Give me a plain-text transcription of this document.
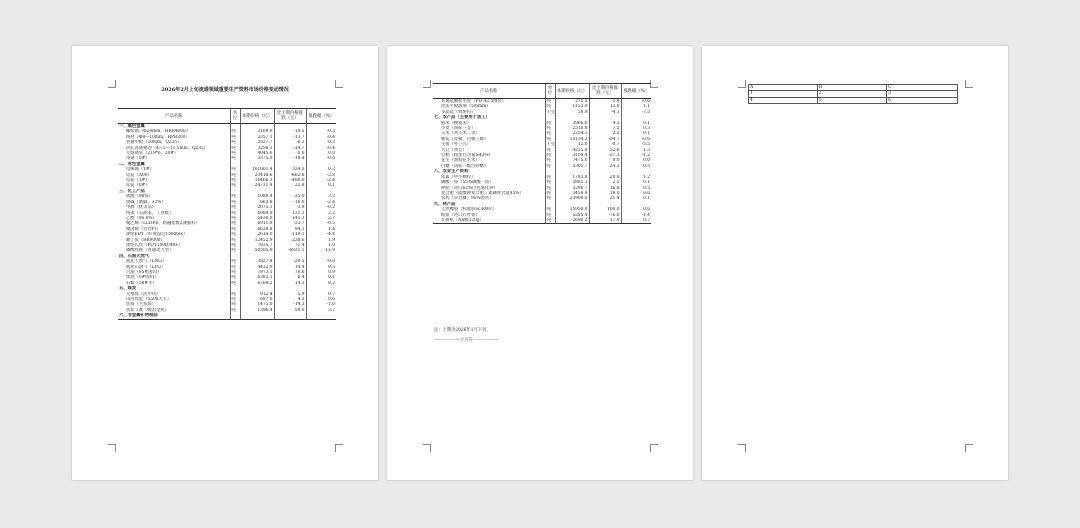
2026年2月上旬流通领域重要生产资料市场价格变动情况
产品名称	单位	本期价格（元）	比上期价格涨跌（元）	涨跌幅（%）
一、黑色金属				
螺纹钢（Φ20mm，HRB400E）	吨	3169.0	-10.5	-0.3
线材（Φ8—10mm，HPB300）	吨	3357.1	-13.7	-0.4
普通中板（20mm，Q235）	吨	3527.7	-6.3	-0.2
热轧普通板卷（4.75—11.5mm，Q235）	吨	3298.1	-14.7	-0.4
无缝钢管（219*6，20#）	吨	4045.6	0.0	0.0
角钢（5#）	吨	3375.0	-18.4	-0.5
二、有色金属				
电解铜（1#）	吨	101661.4	334.3	0.3
铝锭（A00）	吨	23418.6	-662.8	-2.8
铅锭（1#）	吨	16466.3	-400.0	-2.4
锌锭（0#）	吨	24731.4	22.8	0.1
三、化工产品				
硫酸（98%）	吨	1089.4	35.0	3.3
烧碱（液碱，32%）	吨	663.8	-16.0	-2.4
甲醇（优等品）	吨	2075.1	-3.9	-0.2
纯苯（石油苯，工业级）	吨	6084.9	131.3	2.2
乙醇（95.0%）	吨	5430.0	141.3	2.7
聚乙烯（LLDPE，熔融指数2薄膜料）	吨	6911.9	-33.7	-0.5
聚丙烯（拉丝料）	吨	6638.8	94.1	1.4
涤纶FDY（纤度超过150dtex）	吨	2614.0	-119.1	-4.4
顺丁胶（BR9000）	吨	12452.9	228.6	1.9
涤纶长丝（POY150D/48F）	吨	7035.7	71.4	1.0
磷酸铁锂（普通动力型）	吨	50505.9	-6831.1	-11.9
四、石油天然气				
液化天然气（LNG）	吨	3827.4	-29.5	-0.8
液化石油气（LPG）	吨	4432.9	14.4	0.3
汽油（95#国VI）	吨	7973.1	70.6	0.9
柴油（0#国VI）	吨	6383.1	6.4	0.1
石蜡（58#半）	吨	6708.2	14.3	0.2
五、煤炭				
无烟煤（洗中块）	吨	912.4	5.9	0.7
山西优混（5500大卡）	吨	697.0	4.3	0.6
焦煤（主焦煤）	吨	1475.0	-14.3	-1.0
焦炭（准一级冶金焦）	吨	1396.4	50.0	3.7
六、非金属矿物制品				
产品名称	单位	本期价格（元）	比上期价格涨跌（元）	涨跌幅（%）
普通硅酸盐水泥（P.O 42.5散装）	吨	275.5	-1.8	-0.6
浮法平板玻璃（5/6mm）	吨	1153.9	13.0	1.1
多晶硅（致密料）	千克	50.9	-4.1	-7.5
七、农产品（主要用于加工）				
稻米（粳稻米）	吨	3966.0	4.3	0.1
小麦（国标三等）	吨	2510.8	7.2	0.3
玉米（黄玉米二等）	吨	2254.1	2.2	0.1
棉花（皮棉，白棉三级）	吨	15134.2	-94.7	-0.6
生猪（外三元）	千克	12.0	-0.7	-5.5
大豆（黄豆）	吨	4255.9	52.6	1.3
豆粕（粗蛋白含量≥43%）	吨	3109.4	-37.3	-1.2
花生（油料花生米）	吨	7475.0	0.0	0.0
白糖（国标一级白砂糖）	吨	5305.7	24.3	0.5
八、农业生产资料				
尿素（中小颗粒）	吨	1783.8	20.6	1.2
磷酸一铵（55%磷酸一铵）	吨	3881.3	2.5	0.1
钾肥（进口62%白色氯化钾）	吨	3296.7	16.8	0.5
复合肥（硫酸钾复合肥，氮磷钾含量45%）	吨	3458.9	19.0	0.6
农药（草甘膦，95%原药）	吨	23900.0	21.4	0.1
九、林产品				
天然橡胶（标准胶SCRWF）	吨	15950.0	100.0	0.6
纸浆（进口针叶浆）	吨	5285.4	-76.0	-1.4
瓦楞纸（AA级120g）	吨	2690.2	17.9	0.7
注：上期为2026年1月下旬。
——————分页符——————
A	B	C
1	2	3
4	5	6
